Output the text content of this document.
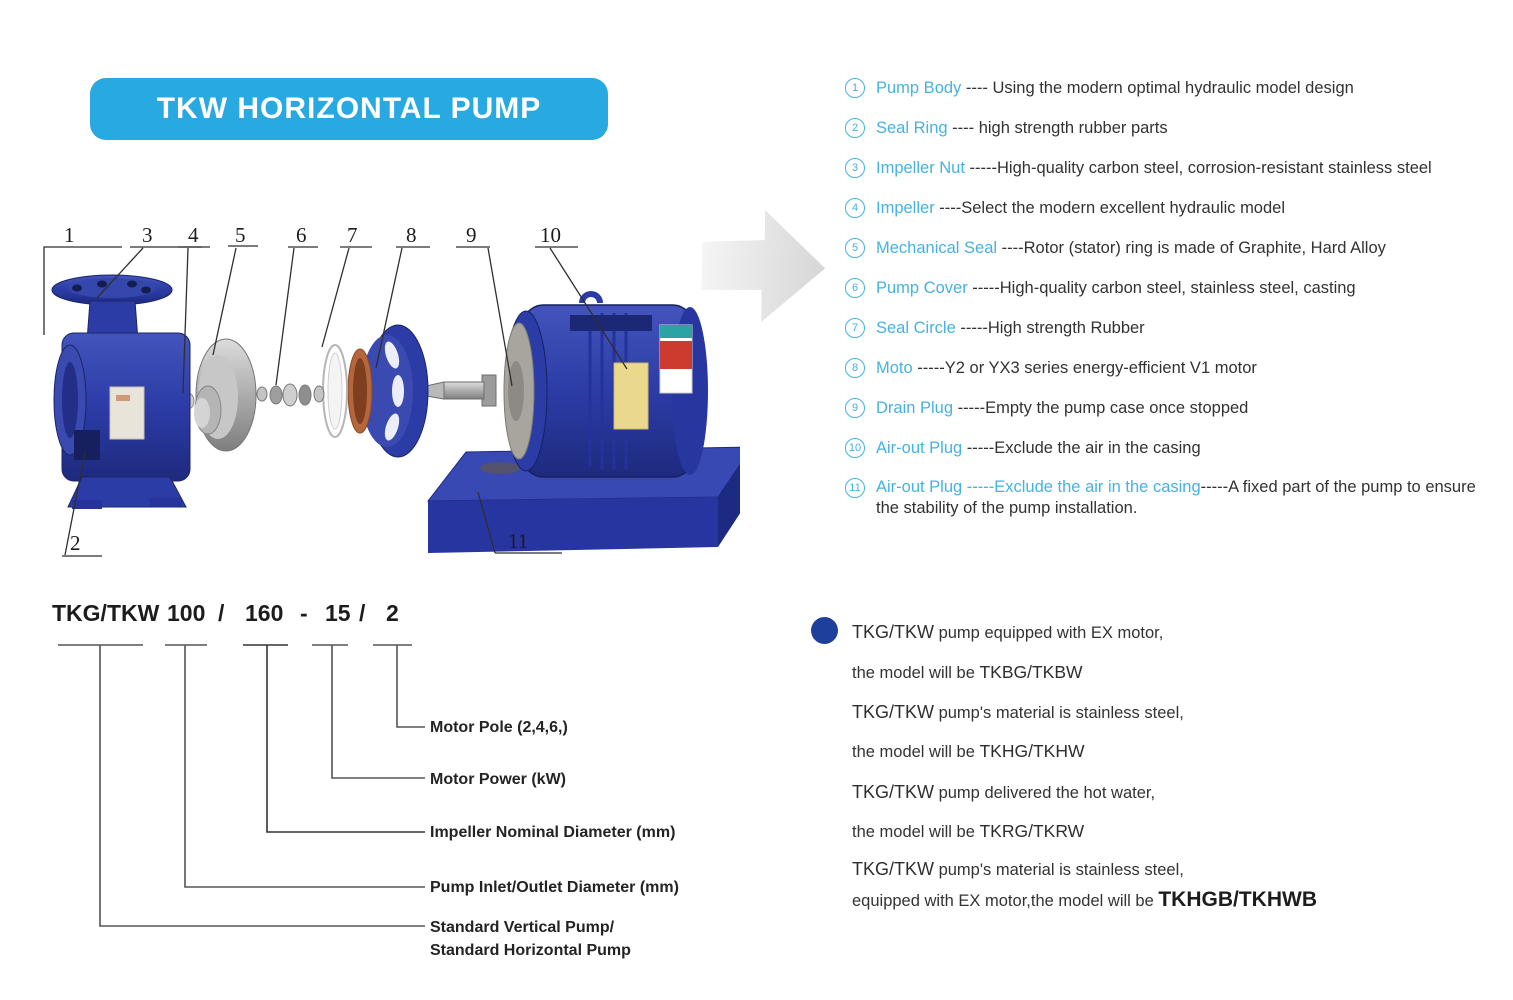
TKW HORIZONTAL PUMP
1	3 4 5 6 7 8 9	10
2	11
1	Pump Body ---- Using the modern optimal hydraulic model design
2	Seal Ring ---- high strength rubber parts
3	Impeller Nut -----High-quality carbon steel, corrosion-resistant stainless steel
4	Impeller ----Select the modern excellent hydraulic model
5	Mechanical Seal ----Rotor (stator) ring is made of Graphite, Hard Alloy
6	Pump Cover -----High-quality carbon steel, stainless steel, casting
7	Seal Circle -----High strength Rubber
8	Moto -----Y2 or YX3 series energy-efficient V1 motor
9	Drain Plug -----Empty the pump case once stopped
10 Air-out Plug -----Exclude the air in the casing
11 Air-out Plug -----Exclude the air in the casing-----A fixed part of the pump to ensure the stability of the pump installation.
TKG/TKW 100 / 160 - 15 / 2
Motor Pole (2,4,6,)
Motor Power (kW)
Impeller Nominal Diameter (mm)
Pump Inlet/Outlet Diameter (mm)
Standard Vertical Pump/
Standard Horizontal Pump
TKG/TKW pump equipped with EX motor,
the model will be TKBG/TKBW
TKG/TKW pump's material is stainless steel,
the model will be TKHG/TKHW
TKG/TKW pump delivered the hot water,
the model will be TKRG/TKRW
TKG/TKW pump's material is stainless steel,
equipped with EX motor,the model will be TKHGB/TKHWB
